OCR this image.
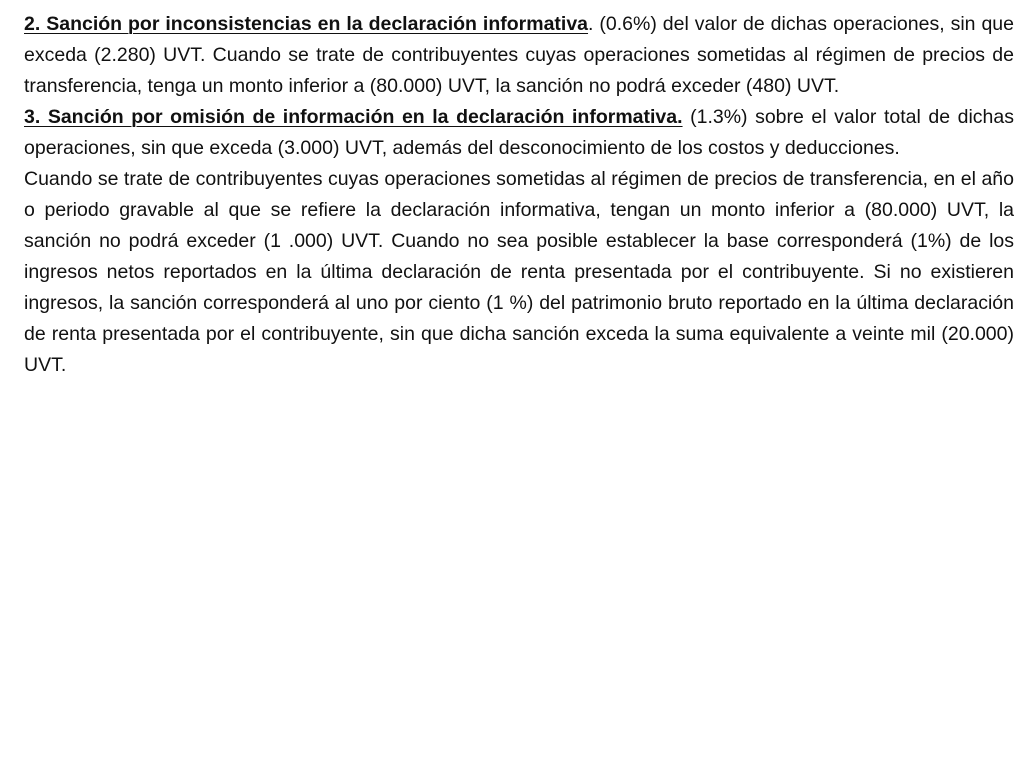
2. Sanción por inconsistencias en la declaración informativa. (0.6%) del valor de dichas operaciones, sin que exceda (2.280) UVT. Cuando se trate de contribuyentes cuyas operaciones sometidas al régimen de precios de transferencia, tenga un monto inferior a (80.000) UVT, la sanción no podrá exceder (480) UVT.

3. Sanción por omisión de información en la declaración informativa. (1.3%) sobre el valor total de dichas operaciones, sin que exceda (3.000) UVT, además del desconocimiento de los costos y deducciones.

Cuando se trate de contribuyentes cuyas operaciones sometidas al régimen de precios de transferencia, en el año o periodo gravable al que se refiere la declaración informativa, tengan un monto inferior a (80.000) UVT, la sanción no podrá exceder (1 .000) UVT. Cuando no sea posible establecer la base corresponderá (1%) de los ingresos netos reportados en la última declaración de renta presentada por el contribuyente. Si no existieren ingresos, la sanción corresponderá al uno por ciento (1 %) del patrimonio bruto reportado en la última declaración de renta presentada por el contribuyente, sin que dicha sanción exceda la suma equivalente a veinte mil (20.000) UVT.
